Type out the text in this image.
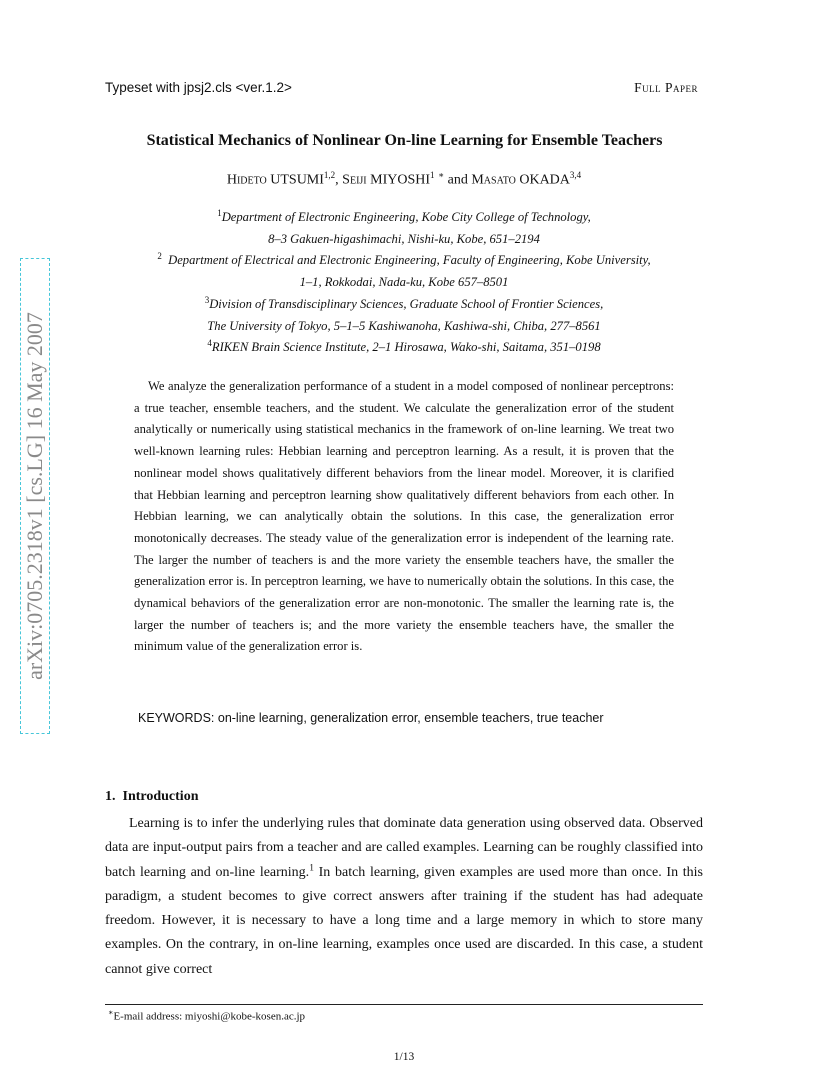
Typeset with jpsj2.cls <ver.1.2>	Full Paper
arXiv:0705.2318v1 [cs.LG] 16 May 2007
Statistical Mechanics of Nonlinear On-line Learning for Ensemble Teachers
Hideto UTSUMI$^{1,2}$, Seiji MIYOSHI$^1$ ∗ and Masato OKADA$^{3,4}$
$^1$Department of Electronic Engineering, Kobe City College of Technology,
8–3 Gakuen-higashimachi, Nishi-ku, Kobe, 651–2194
$^2$ Department of Electrical and Electronic Engineering, Faculty of Engineering, Kobe University,
1–1, Rokkodai, Nada-ku, Kobe 657–8501
$^3$Division of Transdisciplinary Sciences, Graduate School of Frontier Sciences,
The University of Tokyo, 5–1–5 Kashiwanoha, Kashiwa-shi, Chiba, 277–8561
$^4$RIKEN Brain Science Institute, 2–1 Hirosawa, Wako-shi, Saitama, 351–0198
We analyze the generalization performance of a student in a model composed of nonlinear perceptrons: a true teacher, ensemble teachers, and the student. We calculate the generalization error of the student analytically or numerically using statistical mechanics in the framework of on-line learning. We treat two well-known learning rules: Hebbian learning and perceptron learning. As a result, it is proven that the nonlinear model shows qualitatively different behaviors from the linear model. Moreover, it is clarified that Hebbian learning and perceptron learning show qualitatively different behaviors from each other. In Hebbian learning, we can analytically obtain the solutions. In this case, the generalization error monotonically decreases. The steady value of the generalization error is independent of the learning rate. The larger the number of teachers is and the more variety the ensemble teachers have, the smaller the generalization error is. In perceptron learning, we have to numerically obtain the solutions. In this case, the dynamical behaviors of the generalization error are non-monotonic. The smaller the learning rate is, the larger the number of teachers is; and the more variety the ensemble teachers have, the smaller the minimum value of the generalization error is.
KEYWORDS: on-line learning, generalization error, ensemble teachers, true teacher
1. Introduction
Learning is to infer the underlying rules that dominate data generation using observed data. Observed data are input-output pairs from a teacher and are called examples. Learning can be roughly classified into batch learning and on-line learning.$^1$ In batch learning, given examples are used more than once. In this paradigm, a student becomes to give correct answers after training if the student has had adequate freedom. However, it is necessary to have a long time and a large memory in which to store many examples. On the contrary, in on-line learning, examples once used are discarded. In this case, a student cannot give correct
∗E-mail address: miyoshi@kobe-kosen.ac.jp
1/13
